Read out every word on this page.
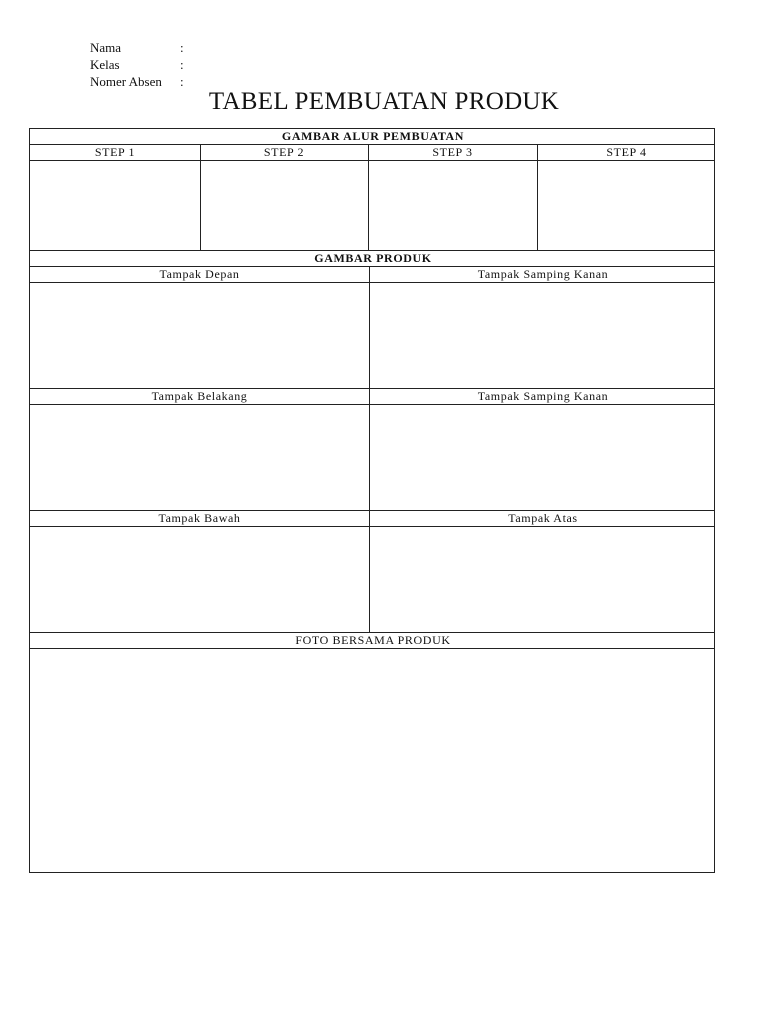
Nama	:
Kelas	:
Nomer Absen	:
TABEL PEMBUATAN PRODUK
GAMBAR ALUR PEMBUATAN
STEP 1	STEP 2	STEP 3	STEP 4
GAMBAR PRODUK
Tampak Depan	Tampak Samping Kanan
Tampak Belakang	Tampak Samping Kanan
Tampak Bawah	Tampak Atas
FOTO BERSAMA PRODUK
